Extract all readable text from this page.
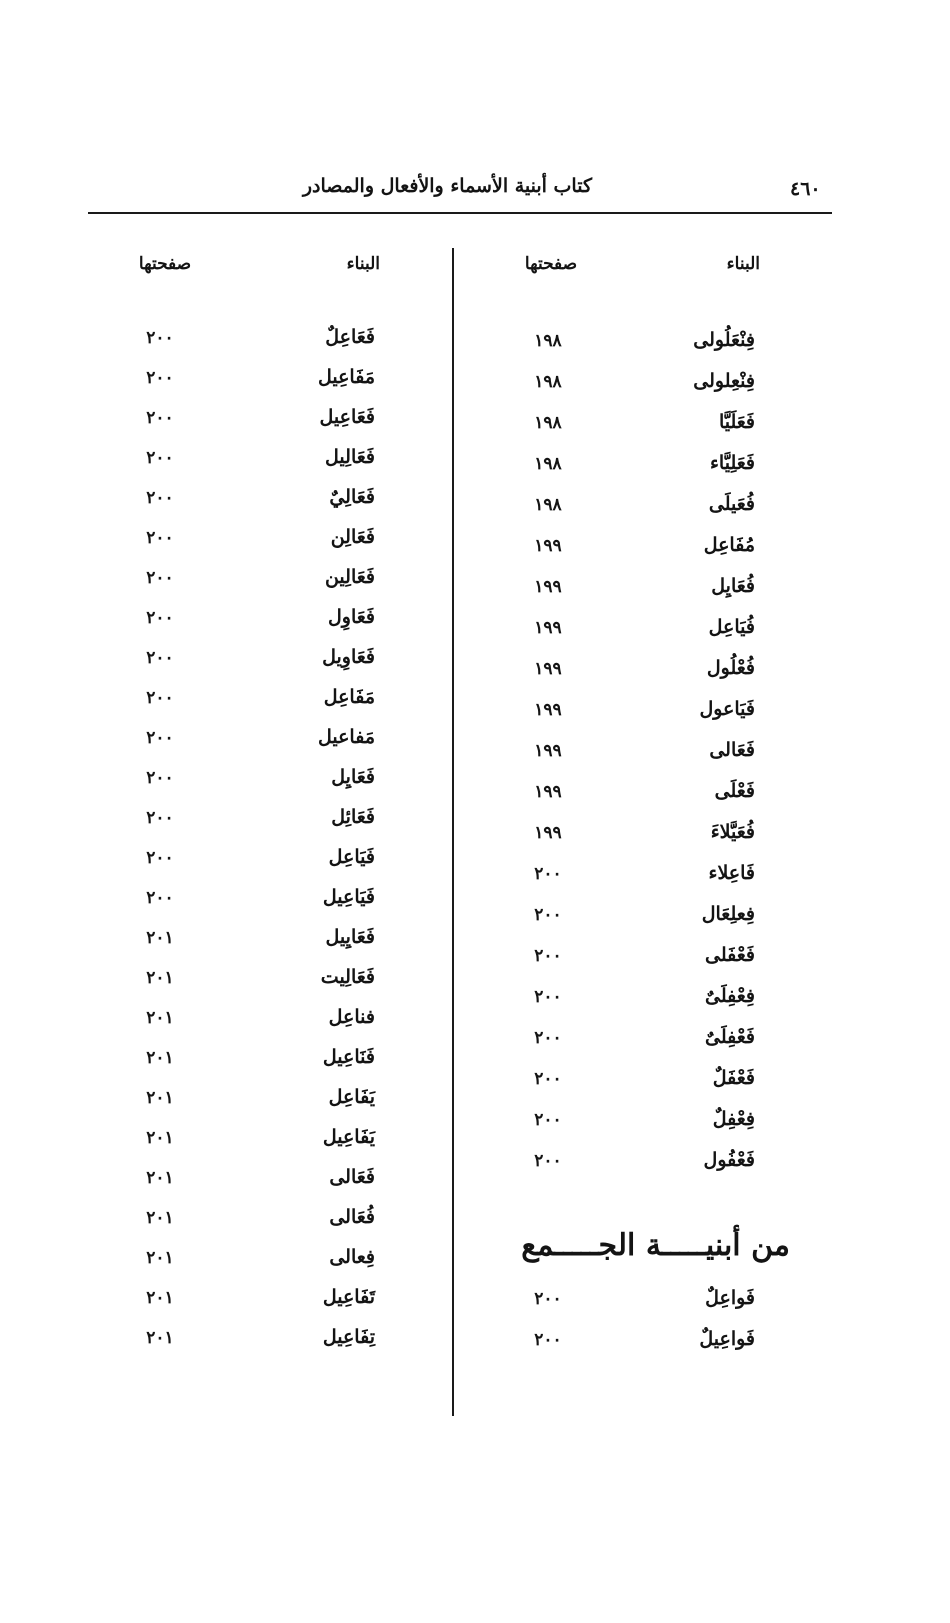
٤٦٠
كتاب أبنية الأسماء والأفعال والمصادر
البناء
صفحتها
البناء
صفحتها
فِنْعَلُولى
١٩٨
فِنْعِلولى
١٩٨
فَعَلَيَّا
١٩٨
فَعَلِيَّاء
١٩٨
فُعَيلَى
١٩٨
مُفَاعِل
١٩٩
فُعَايِل
١٩٩
فُيَاعِل
١٩٩
فُعْلُول
١٩٩
فَيَاعول
١٩٩
فَعَالى
١٩٩
فَعْلَى
١٩٩
فُعَيَّلاءَ
١٩٩
فَاعِلاء
٢٠٠
فِعلِعَال
٢٠٠
فَعْفَلى
٢٠٠
فِعْفِلَىٌ
٢٠٠
فَعْفِلَىٌ
٢٠٠
فَعْفَلٌ
٢٠٠
فِعْفِلٌ
٢٠٠
فَعْفُول
٢٠٠
من أبنيـــــة الجـــــمع
فَواعِلٌ
٢٠٠
فَواعِيلٌ
٢٠٠
فَعَاعِلٌ
٢٠٠
مَفَاعِيل
٢٠٠
فَعَاعِيل
٢٠٠
فَعَالِيل
٢٠٠
فَعَالِيٌ
٢٠٠
فَعَالِن
٢٠٠
فَعَالِين
٢٠٠
فَعَاوِل
٢٠٠
فَعَاوِيل
٢٠٠
مَفَاعِل
٢٠٠
مَفاعيل
٢٠٠
فَعَايِل
٢٠٠
فَعَائِل
٢٠٠
فَيَاعِل
٢٠٠
فَيَاعِيل
٢٠٠
فَعَايِيل
٢٠١
فَعَالِيت
٢٠١
فناعِل
٢٠١
فَنَاعِيل
٢٠١
يَفَاعِل
٢٠١
يَفَاعِيل
٢٠١
فَعَالى
٢٠١
فُعَالى
٢٠١
فِعالى
٢٠١
تَفَاعِيل
٢٠١
تِفَاعِيل
٢٠١
